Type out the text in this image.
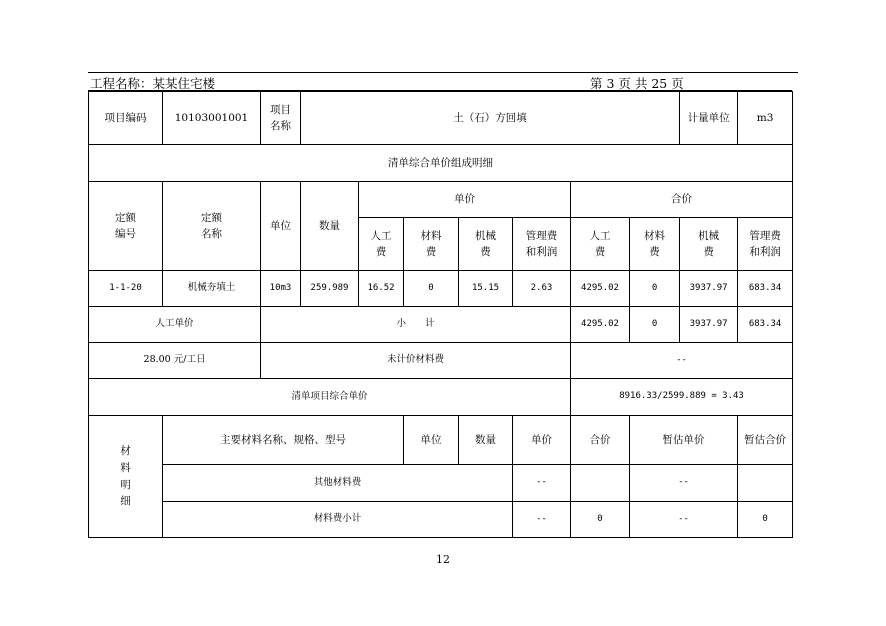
工程名称：某某住宅楼	第 3 页 共 25 页
项目编码	10103001001	项目名称	土（石）方回填							计量单位	m3
清单综合单价组成明细											

定额编号	定额名称	单位	数量	单价				合价			

				人工费	材料费	机械费	管理费和利润	人工费	材料费	机械费	管理费和利润

1-1-20	机械夯填土	10m3	259.989	16.52	0	15.15	2.63	4295.02	0	3937.97	683.34
人工单价		小　　计						4295.02	0	3937.97	683.34
28.00 元/工日		未计价材料费						--			
清单项目综合单价								8916.33/2599.889 = 3.43			

材料明细	主要材料名称、规格、型号				单位	数量	单价	合价	暂估单价		暂估合价
	其他材料费						--		--		
	材料费小计						--	0	--		0
12
